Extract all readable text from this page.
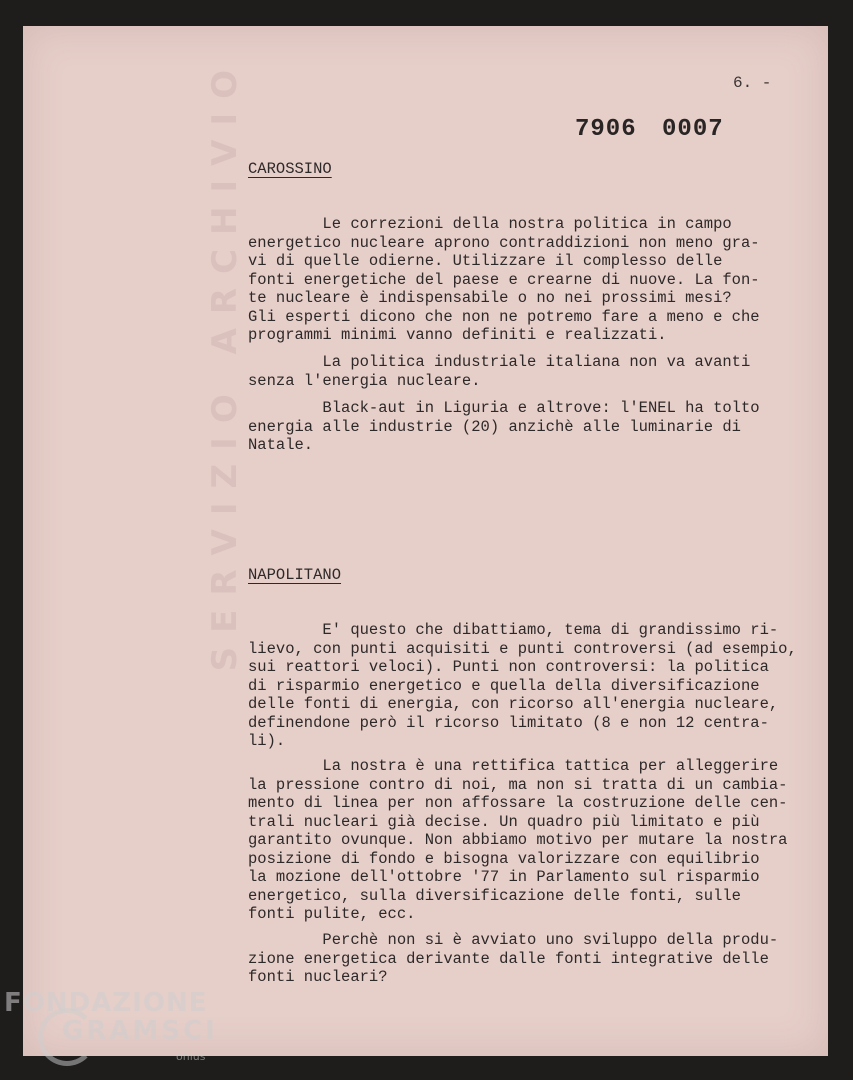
SERVIZIO ARCHIVIO	6. -
7906 0007
CAROSSINO

Le correzioni della nostra politica in campo
energetico nucleare aprono contraddizioni non meno gra-
vi di quelle odierne. Utilizzare il complesso delle
fonti energetiche del paese e crearne di nuove. La fon-
te nucleare è indispensabile o no nei prossimi mesi?
Gli esperti dicono che non ne potremo fare a meno e che
programmi minimi vanno definiti e realizzati.

La politica industriale italiana non va avanti
senza l'energia nucleare.

Black-aut in Liguria e altrove: l'ENEL ha tolto
energia alle industrie (20) anzichè alle luminarie di
Natale.

NAPOLITANO

E' questo che dibattiamo, tema di grandissimo ri-
lievo, con punti acquisiti e punti controversi (ad esempio,
sui reattori veloci). Punti non controversi: la politica
di risparmio energetico e quella della diversificazione
delle fonti di energia, con ricorso all'energia nucleare,
definendone però il ricorso limitato (8 e non 12 centra-
li).

La nostra è una rettifica tattica per alleggerire
la pressione contro di noi, ma non si tratta di un cambia-
mento di linea per non affossare la costruzione delle cen-
trali nucleari già decise. Un quadro più limitato e più
garantito ovunque. Non abbiamo motivo per mutare la nostra
posizione di fondo e bisogna valorizzare con equilibrio
la mozione dell'ottobre '77 in Parlamento sul risparmio
energetico, sulla diversificazione delle fonti, sulle
fonti pulite, ecc.

Perchè non si è avviato uno sviluppo della produ-
zione energetica derivante dalle fonti integrative delle
fonti nucleari?

FONDAZIONE
GRAMSCI
onlus
